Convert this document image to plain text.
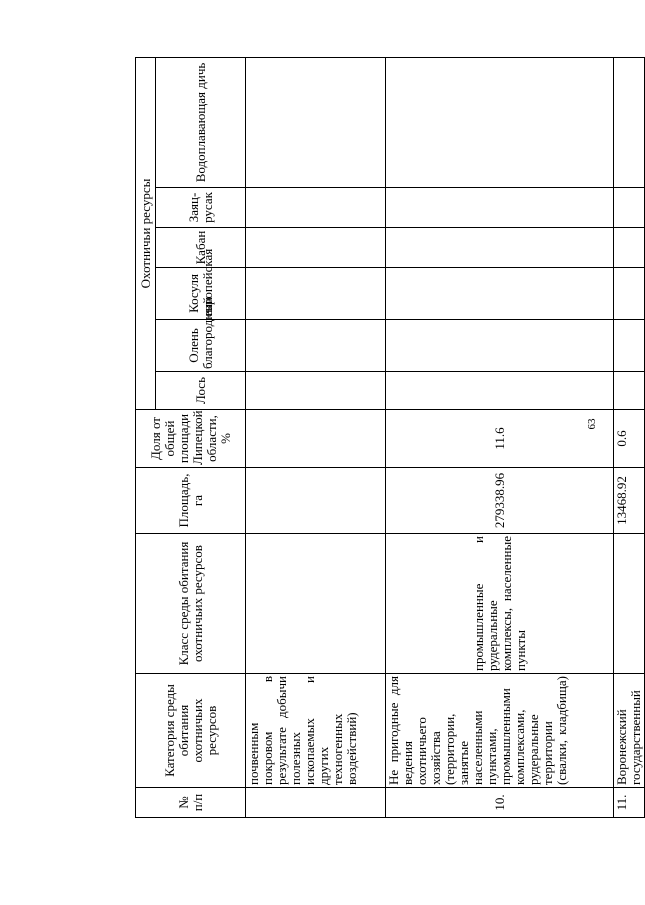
№ п/п	Категория среды обитания охотничьих ресурсов	Класс среды обитания охотничьих ресурсов	Площадь, га	Доля от общей площади Липецкой области, %	Охотничьи ресурсы					
					Лось	Олень благородный	Косуля европейская	Кабан	Заяц-русак	Водоплавающая дичь
	почвенным покровом в результате добычи полезных ископаемых и других техногенных воздействий)									
10.	Не пригодные для ведения охотничьего хозяйства (территории, занятые населенными пунктами, промышленными комплексами, рудеральные территории (свалки, кладбища)	промышленные и рудеральные комплексы, населенные пункты	279338.96	11.6						
11.	Воронежский государственный		13468.92	0.6						
63
